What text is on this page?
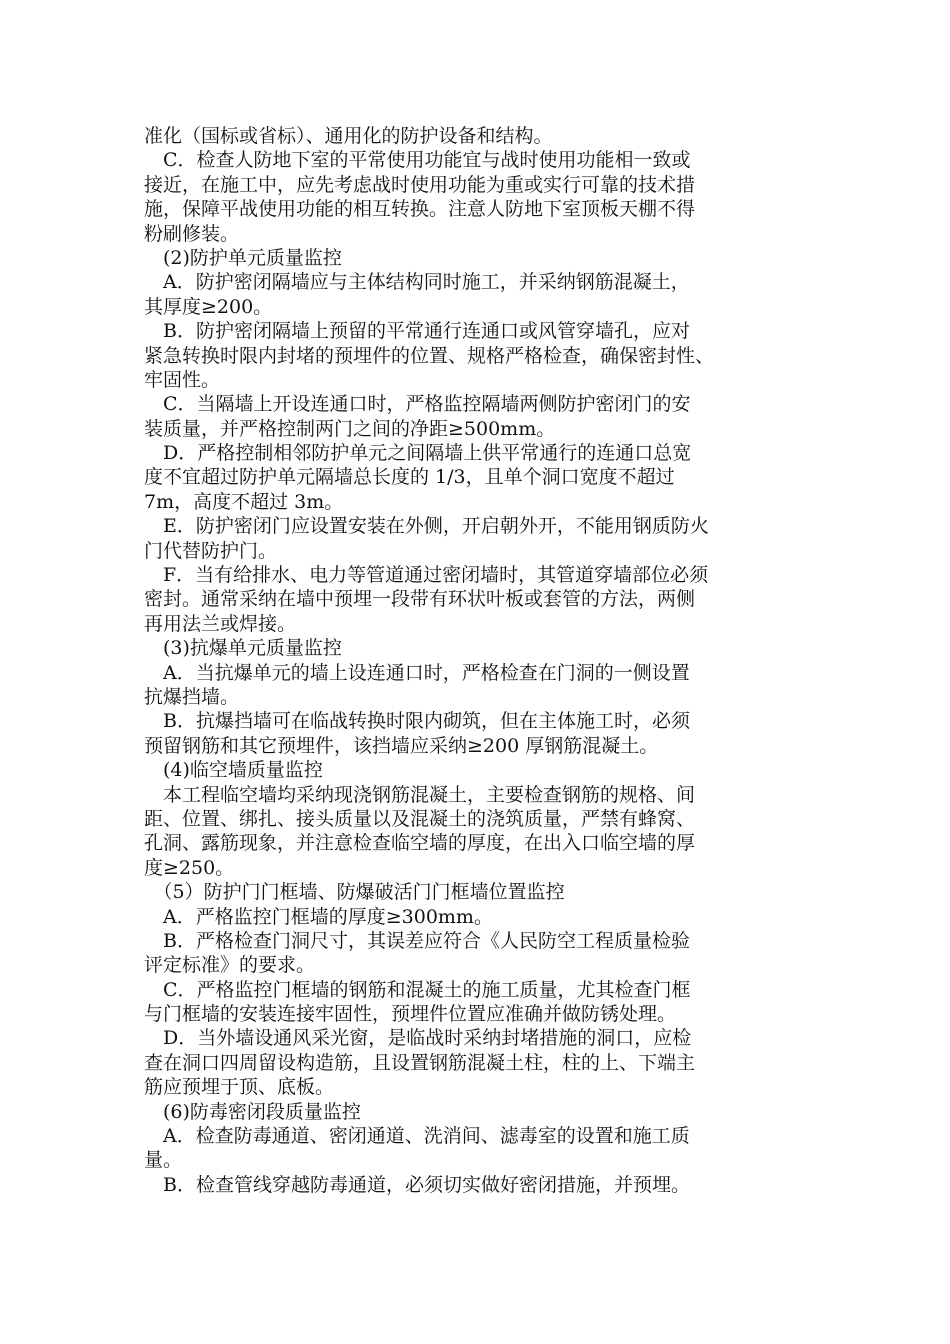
准化（国标或省标）、通用化的防护设备和结构。
　C．检查人防地下室的平常使用功能宜与战时使用功能相一致或
接近，在施工中，应先考虑战时使用功能为重或实行可靠的技术措
施，保障平战使用功能的相互转换。注意人防地下室顶板天棚不得
粉刷修装。
　(2)防护单元质量监控
　A．防护密闭隔墙应与主体结构同时施工，并采纳钢筋混凝土，
其厚度≥200。
　B．防护密闭隔墙上预留的平常通行连通口或风管穿墙孔，应对
紧急转换时限内封堵的预埋件的位置、规格严格检查，确保密封性、
牢固性。
　C．当隔墙上开设连通口时，严格监控隔墙两侧防护密闭门的安
装质量，并严格控制两门之间的净距≥500mm。
　D．严格控制相邻防护单元之间隔墙上供平常通行的连通口总宽
度不宜超过防护单元隔墙总长度的 1/3，且单个洞口宽度不超过
7m，高度不超过 3m。
　E．防护密闭门应设置安装在外侧，开启朝外开，不能用钢质防火
门代替防护门。
　F．当有给排水、电力等管道通过密闭墙时，其管道穿墙部位必须
密封。通常采纳在墙中预埋一段带有环状叶板或套管的方法，两侧
再用法兰或焊接。
　(3)抗爆单元质量监控
　A．当抗爆单元的墙上设连通口时，严格检查在门洞的一侧设置
抗爆挡墙。
　B．抗爆挡墙可在临战转换时限内砌筑，但在主体施工时，必须
预留钢筋和其它预埋件，该挡墙应采纳≥200 厚钢筋混凝土。
　(4)临空墙质量监控
　本工程临空墙均采纳现浇钢筋混凝土，主要检查钢筋的规格、间
距、位置、绑扎、接头质量以及混凝土的浇筑质量，严禁有蜂窝、
孔洞、露筋现象，并注意检查临空墙的厚度，在出入口临空墙的厚
度≥250。
　（5）防护门门框墙、防爆破活门门框墙位置监控
　A．严格监控门框墙的厚度≥300mm。
　B．严格检查门洞尺寸，其误差应符合《人民防空工程质量检验
评定标准》的要求。
　C．严格监控门框墙的钢筋和混凝土的施工质量，尤其检查门框
与门框墙的安装连接牢固性，预埋件位置应准确并做防锈处理。
　D．当外墙设通风采光窗，是临战时采纳封堵措施的洞口，应检
查在洞口四周留设构造筋，且设置钢筋混凝土柱，柱的上、下端主
筋应预埋于顶、底板。
　(6)防毒密闭段质量监控
　A．检查防毒通道、密闭通道、洗消间、滤毒室的设置和施工质
量。
　B．检查管线穿越防毒通道，必须切实做好密闭措施，并预埋。
